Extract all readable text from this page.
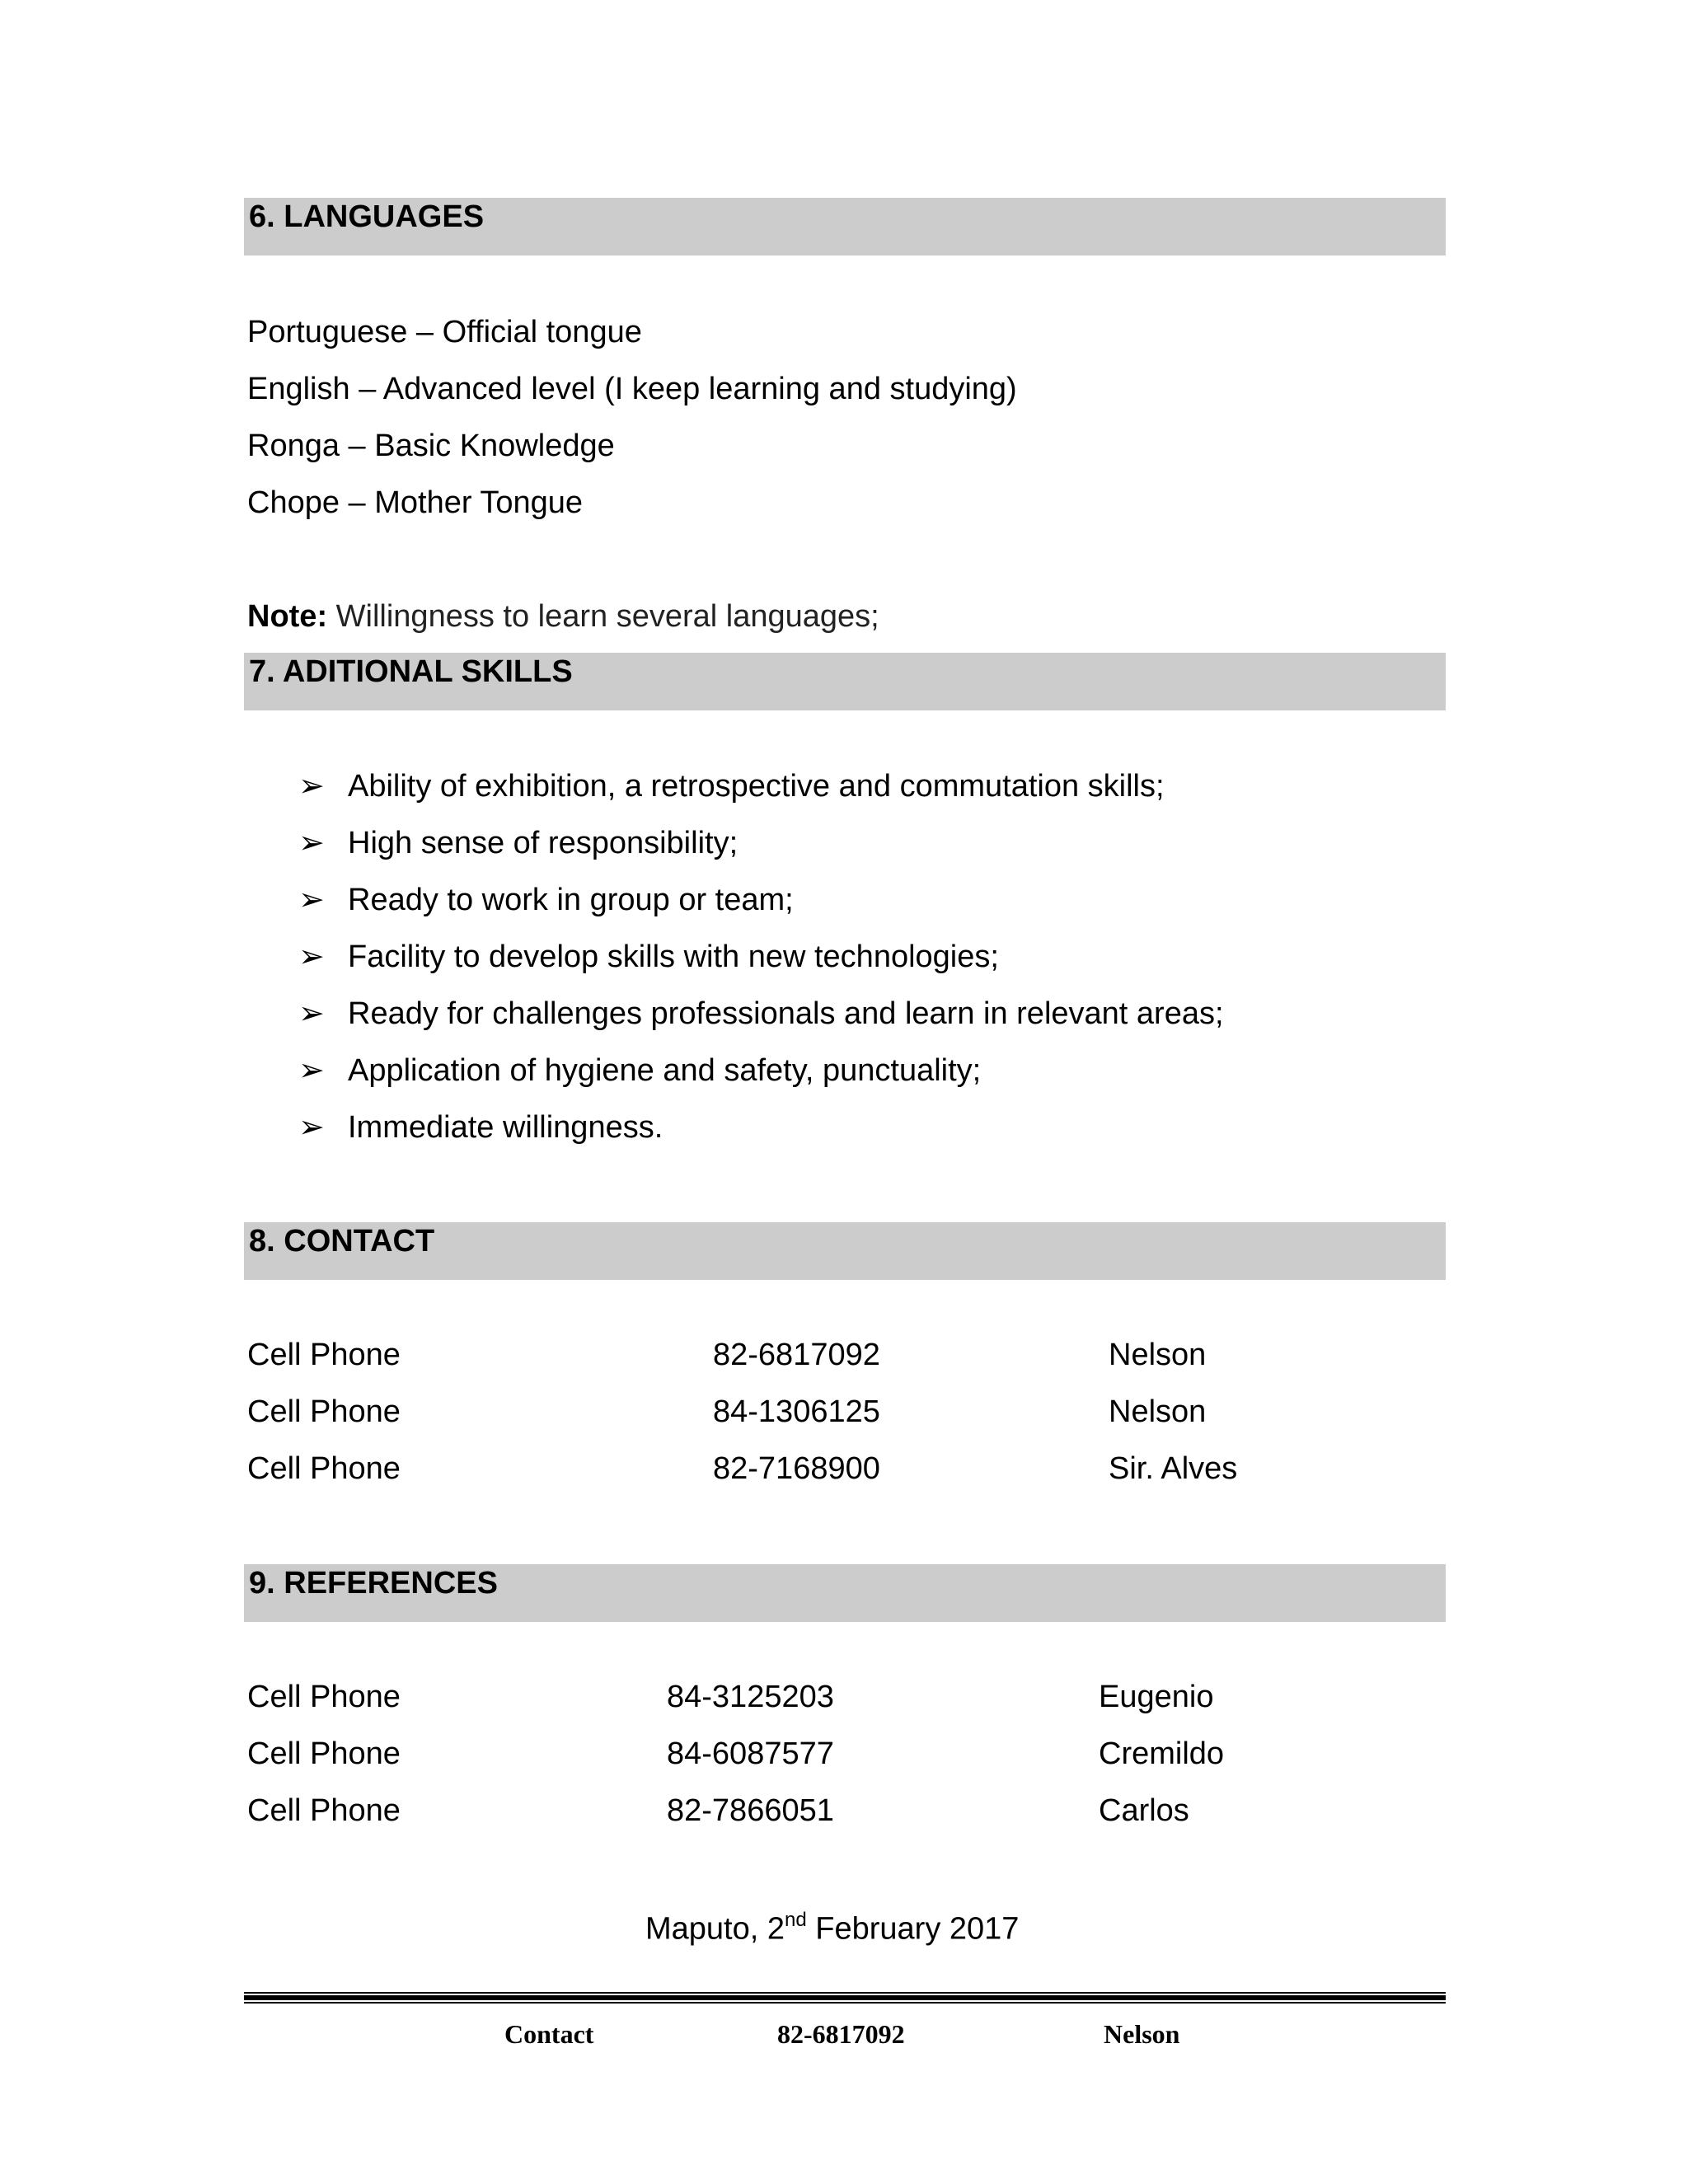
6. LANGUAGES
Portuguese – Official tongue
English – Advanced level (I keep learning and studying)
Ronga – Basic Knowledge
Chope – Mother Tongue
Note: Willingness to learn several languages;
7. ADITIONAL SKILLS
➢ Ability of exhibition, a retrospective and commutation skills;
➢ High sense of responsibility;
➢ Ready to work in group or team;
➢ Facility to develop skills with new technologies;
➢ Ready for challenges professionals and learn in relevant areas;
➢ Application of hygiene and safety, punctuality;
➢ Immediate willingness.
8. CONTACT
Cell Phone	82-6817092	Nelson
Cell Phone	84-1306125	Nelson
Cell Phone	82-7168900	Sir. Alves
9. REFERENCES
Cell Phone	84-3125203	Eugenio
Cell Phone	84-6087577	Cremildo
Cell Phone	82-7866051	Carlos
Maputo, 2nd February 2017
Contact	82-6817092	Nelson
